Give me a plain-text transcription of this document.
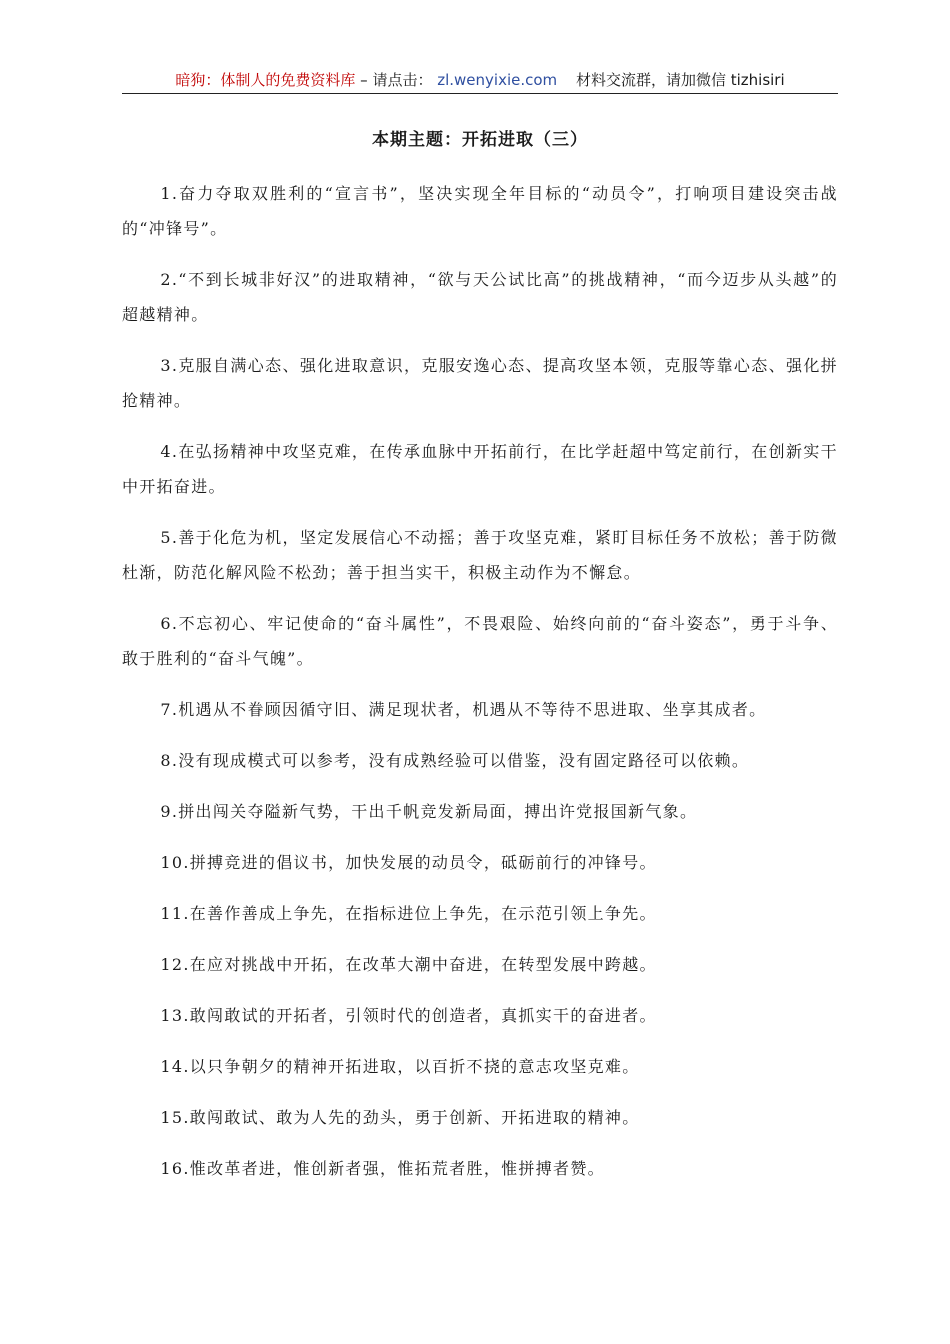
暗狗：体制人的免费资料库 – 请点击： zl.wenyixie.com 材料交流群，请加微信 tizhisiri
本期主题：开拓进取（三）

1.奋力夺取双胜利的“宣言书”，坚决实现全年目标的“动员令”，打响项目建设突击战的“冲锋号”。

2.“不到长城非好汉”的进取精神，“欲与天公试比高”的挑战精神，“而今迈步从头越”的超越精神。

3.克服自满心态、强化进取意识，克服安逸心态、提高攻坚本领，克服等靠心态、强化拼抢精神。

4.在弘扬精神中攻坚克难，在传承血脉中开拓前行，在比学赶超中笃定前行，在创新实干中开拓奋进。

5.善于化危为机，坚定发展信心不动摇；善于攻坚克难，紧盯目标任务不放松；善于防微杜渐，防范化解风险不松劲；善于担当实干，积极主动作为不懈怠。

6.不忘初心、牢记使命的“奋斗属性”，不畏艰险、始终向前的“奋斗姿态”，勇于斗争、敢于胜利的“奋斗气魄”。

7.机遇从不眷顾因循守旧、满足现状者，机遇从不等待不思进取、坐享其成者。

8.没有现成模式可以参考，没有成熟经验可以借鉴，没有固定路径可以依赖。

9.拼出闯关夺隘新气势，干出千帆竞发新局面，搏出许党报国新气象。

10.拼搏竞进的倡议书，加快发展的动员令，砥砺前行的冲锋号。

11.在善作善成上争先，在指标进位上争先，在示范引领上争先。

12.在应对挑战中开拓，在改革大潮中奋进，在转型发展中跨越。

13.敢闯敢试的开拓者，引领时代的创造者，真抓实干的奋进者。

14.以只争朝夕的精神开拓进取，以百折不挠的意志攻坚克难。

15.敢闯敢试、敢为人先的劲头，勇于创新、开拓进取的精神。

16.惟改革者进，惟创新者强，惟拓荒者胜，惟拼搏者赞。
